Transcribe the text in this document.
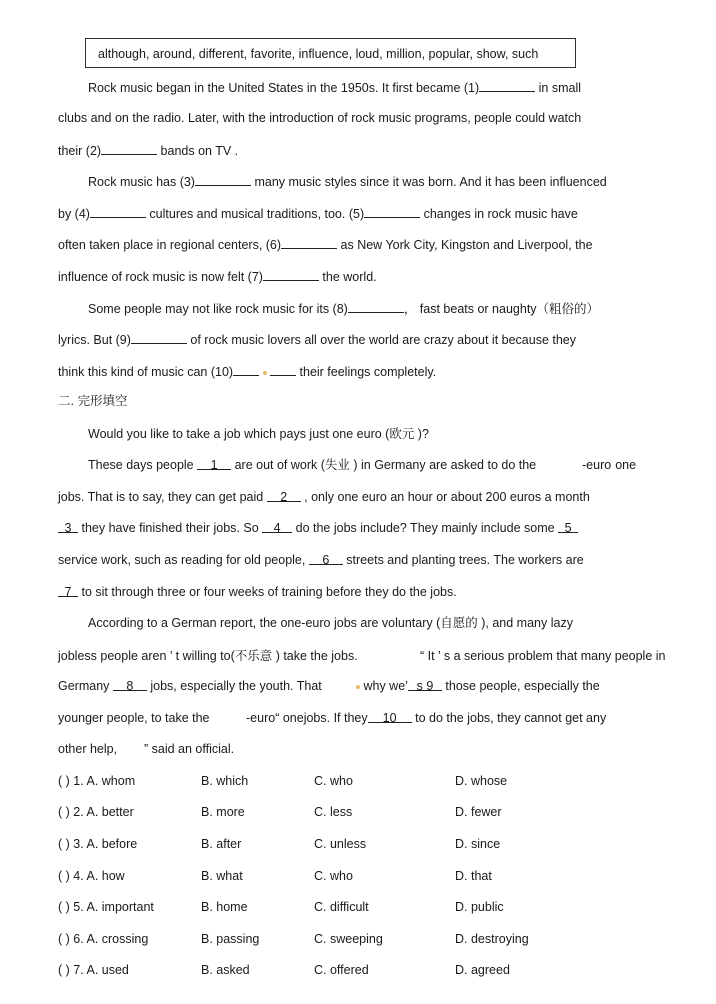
although, around, different, favorite, influence, loud, million, popular, show, such
Rock music began in the United States in the 1950s. It first became (1)	in small
clubs and on the radio. Later, with the introduction of rock music programs, people could watch
their (2)	bands on TV .
Rock music has (3)	many music styles since it was born. And it has been influenced
by (4)	cultures and musical traditions, too. (5)	changes in rock music have
often taken place in regional centers, (6)	as New York City, Kingston and Liverpool, the
influence of rock music is now felt (7)	the world.
Some people may not like rock music for its (8)	， fast beats or naughty（粗俗的）
lyrics. But (9)	of rock music lovers all over the world are crazy about it because they
think this kind of music can (10)	their feelings completely.
二. 完形填空
Would you like to take a job which pays just one euro (欧元 )?
These days people 1 are out of work (失业 ) in Germany are asked to do the	-euro one
jobs. That is to say, they can get paid 2 , only one euro an hour or about 200 euros a month
3 they have finished their jobs. So 4 do the jobs include? They mainly include some 5
service work, such as reading for old people, 6 streets and planting trees. The workers are
7 to sit through three or four weeks of training before they do the jobs.
According to a German report, the one-euro jobs are voluntary (自愿的 ), and many lazy
jobless people aren ’ t willing to(不乐意 ) take the jobs.	“ It ’ s a serious problem that many people in
Germany 8 jobs, especially the youth. That	why we’ s 9 those people, especially the
younger people, to take the	-euro“ onejobs. If they 10 to do the jobs, they cannot get any
other help, ” said an official.
( ) 1. A. whom	B. which	C. who	D. whose
( ) 2. A. better	B. more	C. less	D. fewer
( ) 3. A. before	B. after	C. unless	D. since
( ) 4. A. how	B. what	C. who	D. that
( ) 5. A. important	B. home	C. difficult	D. public
( ) 6. A. crossing	B. passing	C. sweeping	D. destroying
( ) 7. A. used	B. asked	C. offered	D. agreed
